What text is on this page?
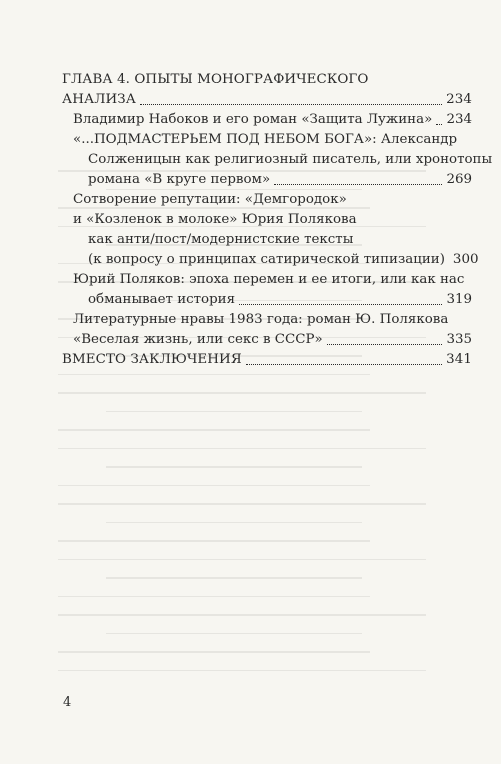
ГЛАВА 4. ОПЫТЫ МОНОГРАФИЧЕСКОГО
АНАЛИЗА	234
Владимир Набоков и его роман «Защита Лужина» 234
«...ПОДМАСТЕРЬЕМ ПОД НЕБОМ БОГА»: Александр
Солженицын как религиозный писатель, или хронотопы
романа «В круге первом»	269
Сотворение репутации: «Демгородок»
и «Козленок в молоке» Юрия Полякова
как анти/пост/модернистские тексты
(к вопросу о принципах сатирической типизации) 300
Юрий Поляков: эпоха перемен и ее итоги, или как нас
обманывает история	319
Литературные нравы 1983 года: роман Ю. Полякова
«Веселая жизнь, или секс в СССР»	335
ВМЕСТО ЗАКЛЮЧЕНИЯ	341
4
